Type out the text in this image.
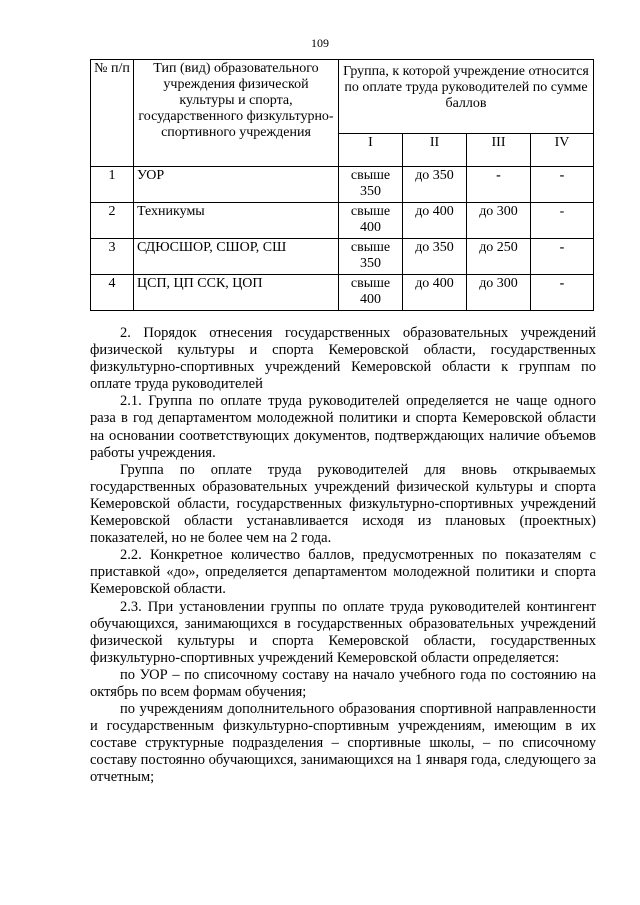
109
№ п/п	Тип (вид) образовательного учреждения физической культуры и спорта, государственного физкультурно-спортивного учреждения	Группа, к которой учреждение относится по оплате труда руководителей по сумме баллов			
		I	II	III	IV
1	УОР	свыше 350	до 350	-	-
2	Техникумы	свыше 400	до 400	до 300	-
3	СДЮСШОР, СШОР, СШ	свыше 350	до 350	до 250	-
4	ЦСП, ЦП ССК, ЦОП	свыше 400	до 400	до 300	-

2. Порядок отнесения государственных образовательных учреждений физической культуры и спорта Кемеровской области, государственных физкультурно-спортивных учреждений Кемеровской области к группам по оплате труда руководителей

2.1. Группа по оплате труда руководителей определяется не чаще одного раза в год департаментом молодежной политики и спорта Кемеровской области на основании соответствующих документов, подтверждающих наличие объемов работы учреждения.

Группа по оплате труда руководителей для вновь открываемых государственных образовательных учреждений физической культуры и спорта Кемеровской области, государственных физкультурно-спортивных учреждений Кемеровской области устанавливается исходя из плановых (проектных) показателей, но не более чем на 2 года.

2.2. Конкретное количество баллов, предусмотренных по показателям с приставкой «до», определяется департаментом молодежной политики и спорта Кемеровской области.

2.3. При установлении группы по оплате труда руководителей контингент обучающихся, занимающихся в государственных образовательных учреждений физической культуры и спорта Кемеровской области, государственных физкультурно-спортивных учреждений Кемеровской области определяется:

по УОР – по списочному составу на начало учебного года по состоянию на октябрь по всем формам обучения;

по учреждениям дополнительного образования спортивной направленности и государственным физкультурно-спортивным учреждениям, имеющим в их составе структурные подразделения – спортивные школы, – по списочному составу постоянно обучающихся, занимающихся на 1 января года, следующего за отчетным;
